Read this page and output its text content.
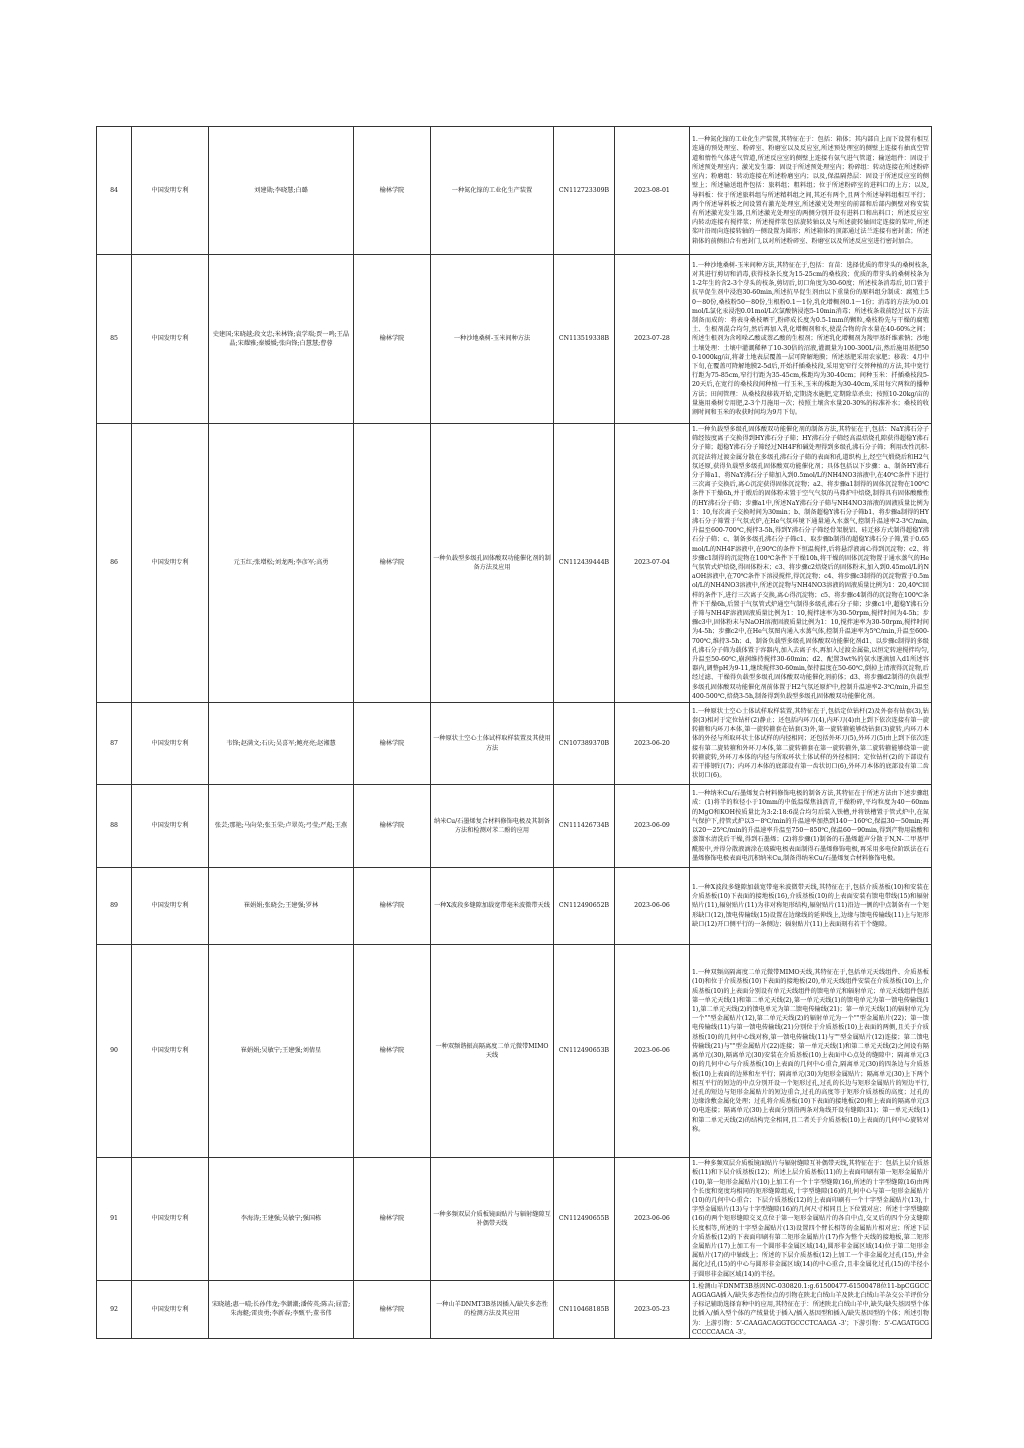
84	中国发明专利	刘建勋;李晓慧;白璐	榆林学院	一种氮化镓的工业化生产装置	CN112723309B	2023-08-01	1.一种氮化镓的工业化生产装置,其特征在于：包括：箱体；其内部自上而下设置有相互连通的预处理室、粉碎室、粉磨室以及反应室,所述预处理室的侧壁上连接有抽真空管道和惰性气体进气管道,所述反应室的侧壁上连接有氨气进气管道；输送组件：固设于所述预处理室内；激光发生器：固设于所述预处理室内；粉碎组：转动连接在所述粉碎室内；粉磨组：转动连接在所述粉磨室内；以及,保温隔热层：固设于所述反应室的侧壁上；所述输送组件包括：旅料组；粗料组；位于所述粉碎室的进料口的上方；以及,导料板：位于所述旅料组与所述精料组之间,其还有两个,且两个所述导料组相互平行；两个所述导料板之间设置有激光处理室,所述激光处理室的前部和后部内侧壁对称安装有所述激光发生器,且所述激光处理室的两侧分别开设有进料口和出料口；所述反应室内转动连接有搅拌浆；所述搅拌浆包括旋转轴以及与所述旋转轴固定连接的桨叶,所述桨叶沿周向连接转轴的一侧设置为圆形；所述箱体的顶部通过法兰连接有密封盖；所述箱体的前侧扣合有密封门,以对所述粉碎室、粉磨室以及所述反应室进行密封加合。
85	中国发明专利	史建国;宋晓越;段文忠;米林锋;袁学瑞;贾一鸣;王晶晶;宋耀雅;秦媛媛;张向锋;白慧慧;曹蓉	榆林学院	一种沙地桑树-玉米间种方法	CN113519338B	2023-07-28	1.一种沙地桑树-玉米间种方法,其特征在于,包括：育苗：选择优质的带芽头的桑树枝条,对其进行剪切和消毒,获得枝条长度为15-25cm的桑枝段；优质的带芽头的桑树枝条为1-2年生的含2-3个芽头的枝条,剪切后,切口角度为30-60度；所述枝条消毒后,切口置于抗旱促生剂中浸泡30-60min,所述抗旱促生剂由以下重量份的原料组分制成：腐殖土50～80份,桑枝粉50～80份,生根粉0.1～1份,乳化增稠剂0.1～1份；消毒的方法为0.01mol/L氯化汞浸泡0.01mol/L次氯酸钠浸泡5-10min消毒；所述枝条栽前经过以下方法制备而成的：将表身桑枝晒干,粉碎成长度为0.5-1mm的颗粒,桑枝粉先与干燥的腐殖土、生根剂混合均匀,然后再加入乳化增稠剂和水,使混合物的含水量在40-60%之间；所述生根剂为含吲哚乙酸或萘乙酸的生根剂；所述乳化增稠剂为羧甲基纤维素钠；沙地土壤处理：土壤中灌溉稀释了10-30倍的沼液,灌溉量为100-300L/亩,然后施用基肥500-1000kg/亩,将著土地表层覆盖一层可降解地膜；所述基肥采用农家肥；移栽：4月中下旬,在覆盖可降解地膜2-5d后,开始扦插桑枝段,采用宽窄行交替种植的方法,其中宽行行距为75-85cm,窄行行距为35-45cm,株距均为30-40cm；间种玉米：扦插桑枝段5-20天后,在宽行的桑枝段间种植一行玉米,玉米的株距为30-40cm,采用每穴两粒的播种方法；田间管理：从桑枝段移栽开始,定期浇水施肥,定期除草杀虫；按照10-20kg/亩的量施用桑树专用肥,2-3个月施用一次；按照土壤含水量20-30%的标准补水；桑枝的收割时间和玉米的收获时间均为9月下旬。
86	中国发明专利	元玉红;张增松;刘龙两;李彦军;高勇	榆林学院	一种负载型多级孔固体酸双功能催化剂的制备方法及应用	CN112439444B	2023-07-04	1.一种负载型多级孔固体酸双功能催化剂的制备方法,其特征在于,包括：NaY沸石分子筛经铵度离子交换得到HY沸石分子筛；HY沸石分子筛经高温焙烧孔隙获得超稳Y沸石分子筛；超稳Y沸石分子筛经过NH4F和碱处理得到多级孔沸石分子筛；利用改性沉积-沉淀法将过渡金属分散在多级孔沸石分子筛的表面和孔道织构上,经空气煅烧后和H2气氛还原,获得负载型多级孔固体酸双功能催化剂；具体包括以下步骤：a、制备HY沸石分子筛a1、将NaY沸石分子筛加入到0.5mol/L的NH4NO3溶液中,在40℃条件下进行三次离子交换后,离心沉淀获得固体沉淀物；a2、将步骤a1制得的固体沉淀物在100℃条件下干燥6h,并于煅后的固体粉末置于空气气氛的马弗炉中焙烧,制得具有固体酸酸性的HY沸石分子筛；步骤a1中,所述NaY沸石分子筛与NH4NO3溶液的固液质量比例为1：10,每次离子交换时间为30min；b、制备超稳Y沸石分子筛b1、将步骤a制得的HY沸石分子筛置于气氛式炉,在He气氛环境下通量通入水蒸气,控制升温速率2-3℃/min,升温至600-700℃,搅拌3-5h,得到Y沸石分子筛经骨架脱铝、硅迁移方式制得超稳Y沸石分子筛；c、制备多级孔沸石分子筛c1、取步骤b制得的超稳Y沸石分子筛,置于0.65mol/L的NH4F溶液中,在90℃的条件下恒温搅拌,后将悬浮液离心得到沉淀物；c2、将步骤c1制得的沉淀物在100℃条件下干燥10h,将干燥的固体沉淀物置于通水蒸气的He气氛管式炉焙烧,得固体粉末；c3、将步骤c2焙烧后的固体粉末,加入到0.45mol/L的NaOH溶液中,在70℃条件下溶浸搅拌,得沉淀物；c4、将步骤c3制得的沉淀物置于0.5mol/L的NH4NO3溶液中,所述沉淀物与NH4NO3溶液的固液质量比例为1：20,40℃回样的条件下,进行三次离子交换,离心得沉淀物；c5、将步骤c4制得的沉淀物在100℃条件下干燥6h,后置于气氛管式炉通空气制得多级孔沸石分子筛；步骤c1中,超稳Y沸石分子筛与NH4F溶液固液质量比例为1：10,搅拌速率为30-50rpm,搅拌时间为4-5h；步骤c3中,固体粉末与NaOH溶液固液质量比例为1：10,搅拌速率为30-50rpm,搅拌时间为4-5h；步骤c2中,在He气氛图内通入水蒸气体,控制升温速率为5℃/min,升温至600-700℃,维持3-5h；d、制备负载型多级孔固体酸双功能催化剂d1、以步骤c制得的多级孔沸石分子筛为载体置于容器内,加入去离子水,再加入过渡金属盐,以恒定转速搅拌均匀,升温至50-60℃,崩润维持搅拌30-60min；d2、配置3wt%的氨水逐滴加入d1所述容器内,调整pH为9-11,继续搅拌30-60min,保持温度在50-60℃,倒掉上清液得沉淀物,后经过滤、干燥得负载型多级孔固体酸双功能催化剂前体；d3、将步骤d2制得的负载型多级孔固体酸双功能催化剂前体置于H2气氛还原炉中,控制升温速率2-3℃/min,升温至400-500℃,焙烧3-5h,制备得到负载型多级孔固体酸双功能催化剂。
87	中国发明专利	韦锋;赵满文;石庆;吴喜军;鲍亮亮;赵湘慧	榆林学院	一种原状土空心土体试样取样装置及其使用方法	CN107389370B	2023-06-20	1.一种原状土空心土体试样取样装置,其特征在于,包括定位钻杆(2)及外套有钻套(3),钻套(3)相对于定位钻杆(2)静止；还包括内环刀(4),内环刀(4)由上到下依次连接有第一旋转箍和内环刀本体,第一旋转箍套在钻套(3)外,第一旋转箍能够绕钻套(3)旋转,内环刀本体的外径与所取环状土体试样的内径相同；还包括外环刀(5),外环刀(5)由上到下依次连接有第二旋转箍和外环刀本体,第二旋转箍套在第一旋转箍外,第二旋转箍能够绕第一旋转箍旋转,外环刀本体的内径与所取环状土体试样的外径相同；定位钻杆(2)的下部设有若干排钢钉(7)；内环刀本体的底部设有第一齿状切口(6),外环刀本体的底部设有第二齿状切口(6)。
88	中国发明专利	张芸;那艳;马向荣;张玉荣;卢翠英;弓莹;严彪;王燕	榆林学院	纳米Cu/石墨烯复合材料修饰电极及其制备方法和检测对苯二酚的应用	CN111426734B	2023-06-09	1.一种纳米Cu/石墨烯复合材料修饰电极的制备方法,其特征在于所述方法由下述步骤组成：(1)将半的粒径小于10mm的中低温煤焦油沥青,干燥粉碎,平均粒度为40～60nm的MgO和KOH按质量比为3:2:18:6混合均匀后装入铁槽,并将铁槽置于管式炉中,在氮气保护下,持管式炉以3～8℃/min的升温速率加热到140～160℃,保温30～50min;再以20～25℃/min的升温速率升温至750～850℃,保温60～90min,得到产物用盐酸和蒸馏水清洗后干燥,得到石墨烯；(2)将步骤(1)制备的石墨烯超声分散于N,N-二甲基甲酰胺中,并得分散液滴涂在玻碳电极表面制得石墨烯修饰电极,再采用多电位阶跃法在石墨烯修饰电极表面电沉积纳米Cu,制备得纳米Cu/石墨烯复合材料修饰电极。
89	中国发明专利	崔娟娟;张晓会;王建强;罗林	榆林学院	一种X波段多缝隙加载宽带毫米波微带天线	CN112490652B	2023-06-06	1.一种X波段多缝隙加载宽带毫米波微带天线,其特征在于,包括介质基板(10)和安装在介质基板(10)下表面的接地板(16),介质基板(10)的上表面安装有馈电带线(15)和辐射贴片(11),辐射贴片(11)为非对称矩形结构,辐射贴片(11)沿边一侧的中点制备有一个矩形缺口(12),馈电传输线(15)设置在边缘线的延伸线上,边缘与馈电传输线(11)上与矩形缺口(12)开口侧平行的一条侧边；辐射贴片(11)上表面刻有若干个缝隙。
90	中国发明专利	崔娟娟;吴敏宁;王建强;刘倩星	榆林学院	一种双频谐振高隔离度二单元微带MIMO天线	CN112490653B	2023-06-06	1.一种双频高隔离度二单元微带MIMO天线,其特征在于,包括单元天线组件、介质基板(10)和位于介质基板(10)下表面的接地板(20),单元天线组件安装在介质基板(10)上,介质基板(10)的上表面分别设有单元天线组件的馈电单元和辐射单元；单元天线组件包括第一单元天线(1)和第二单元天线(2),第一单元天线(1)的馈电单元为第一馈电传输线(11),第二单元天线(2)的馈电单元为第二馈电传输线(21)；第一单元天线(1)的辐射单元为一个""型金属贴片(12),第二单元天线(2)的辐射单元为一个""型金属贴片(22)；第一馈电传输线(11)与第一馈电传输线(21)分别位于介质基板(10)上表面的两侧,且关于介质基板(10)的几何中心线对称,第一馈电传输线(11)与""型金属贴片(12)连接；第二馈电传输线(21)与""型金属贴片(22)连接；第一单元天线(1)和第二单元天线(2)之间设有隔离单元(30),隔离单元(30)安装在介质基板(10)上表面中心点处的缝隙中；隔离单元(30)的几何中心与介质基板(10)上表面的几何中心重合,隔离单元(30)的四条边与介质基板(10)上表面的边界和左平行；隔离单元(30)为矩形金属贴片；隔离单元(30)上下两个相互平行的短边的中点分别开设一个矩形过孔,过孔的长边与矩形金属贴片的短边平行,过孔的短边与矩形金属贴片的短边重合,过孔的高度等于矩形介质基板的高度；过孔的边缘涂敷金属化处理；过孔将介质基板(10)下表面的接地板(20)和上表面的隔离单元(30)电连接；隔离单元(30)上表面分别沿两条对角线开设有缝隙(31)；第一单元天线(1)和第二单元天线(2)的结构完全相同,且二者关于介质基板(10)上表面的几何中心旋转对称。
91	中国发明专利	李海涛;王建强;吴敏宁;强国栋	榆林学院	一种多频双层介质板镜面贴片与辐射缝隙互补偶带天线	CN112490655B	2023-06-06	1.一种多频双层介质板镜面贴片与辐射缝隙互补偶带天线,其特征在于：包括上层介质基板(11)和下层介质基板(12)；所述上层介质基板(11)的上表面印刷有第一矩形金属贴片(10),第一矩形金属贴片(10)上加工有一个十字型缝隙(16),所述的十字型缝隙(16)由两个长度和宽度均相同的矩形缝隙组成,十字型缝隙(16)的几何中心与第一矩形金属贴片(10)的几何中心重合；下层介质基板(12)的上表面印刷有一个十字型金属贴片(13),十字型金属贴片(13)与十字型缝隙(16)的几何尺寸相同且上下位置对应；所述十字型缝隙(16)的两个矩形缝隙交叉点位于第一矩形金属贴片的各自中点,交叉后的四个分支缝隙长度相等,所述的十字型金属贴片(13)设置四个臂长相等的金属贴片相对应；所述下层介质基板(12)的下表面印刷有第二矩形金属贴片(17)作为整个天线的接地板,第二矩形金属贴片(17)上加工有一个圆形非金属区域(14),圆形非金属区域(14)位于第二矩形金属贴片(17)的中轴线上；所述的下层介质基板(12)上加工一个非金属化过孔(15),并金属化过孔(15)的中心与圆形非金属区域(14)的中心重合,且非金属化过孔(15)的半径小于圆形非金属区域(14)的半径。
92	中国发明专利	宋晓越;惠一晴;长孙伟龙;李潮潮;潘传英;陈吉;屈蕾;朱海艇;雷贵勇;李新春;李甄平;董书伟	榆林学院	一种山羊DNMT3B基因插入/缺失多态性的检测方法及其应用	CN110468185B	2023-05-23	1.检测山羊DNMT3B基因NC-030820.1:g.61500477-61500478位11-bpCGGCCAGGAGA插入/缺失多态性位点的引物在陕北白绒山羊及陕北白绒山羊杂交公羊评价分子标记辅助选择育种中的应用,其特征在于：所述陕北白绒山羊中,缺失/缺失基因型个体比插入/插入型个体的产绒量优于插入/插入基因型和插入/缺失基因型的个体；所述引物为：上游引物：5'-CAAGACAGGTGCCCTCAAGA -3'；下游引物：5'-CAGATGCGCCCCCAACA -3'。
